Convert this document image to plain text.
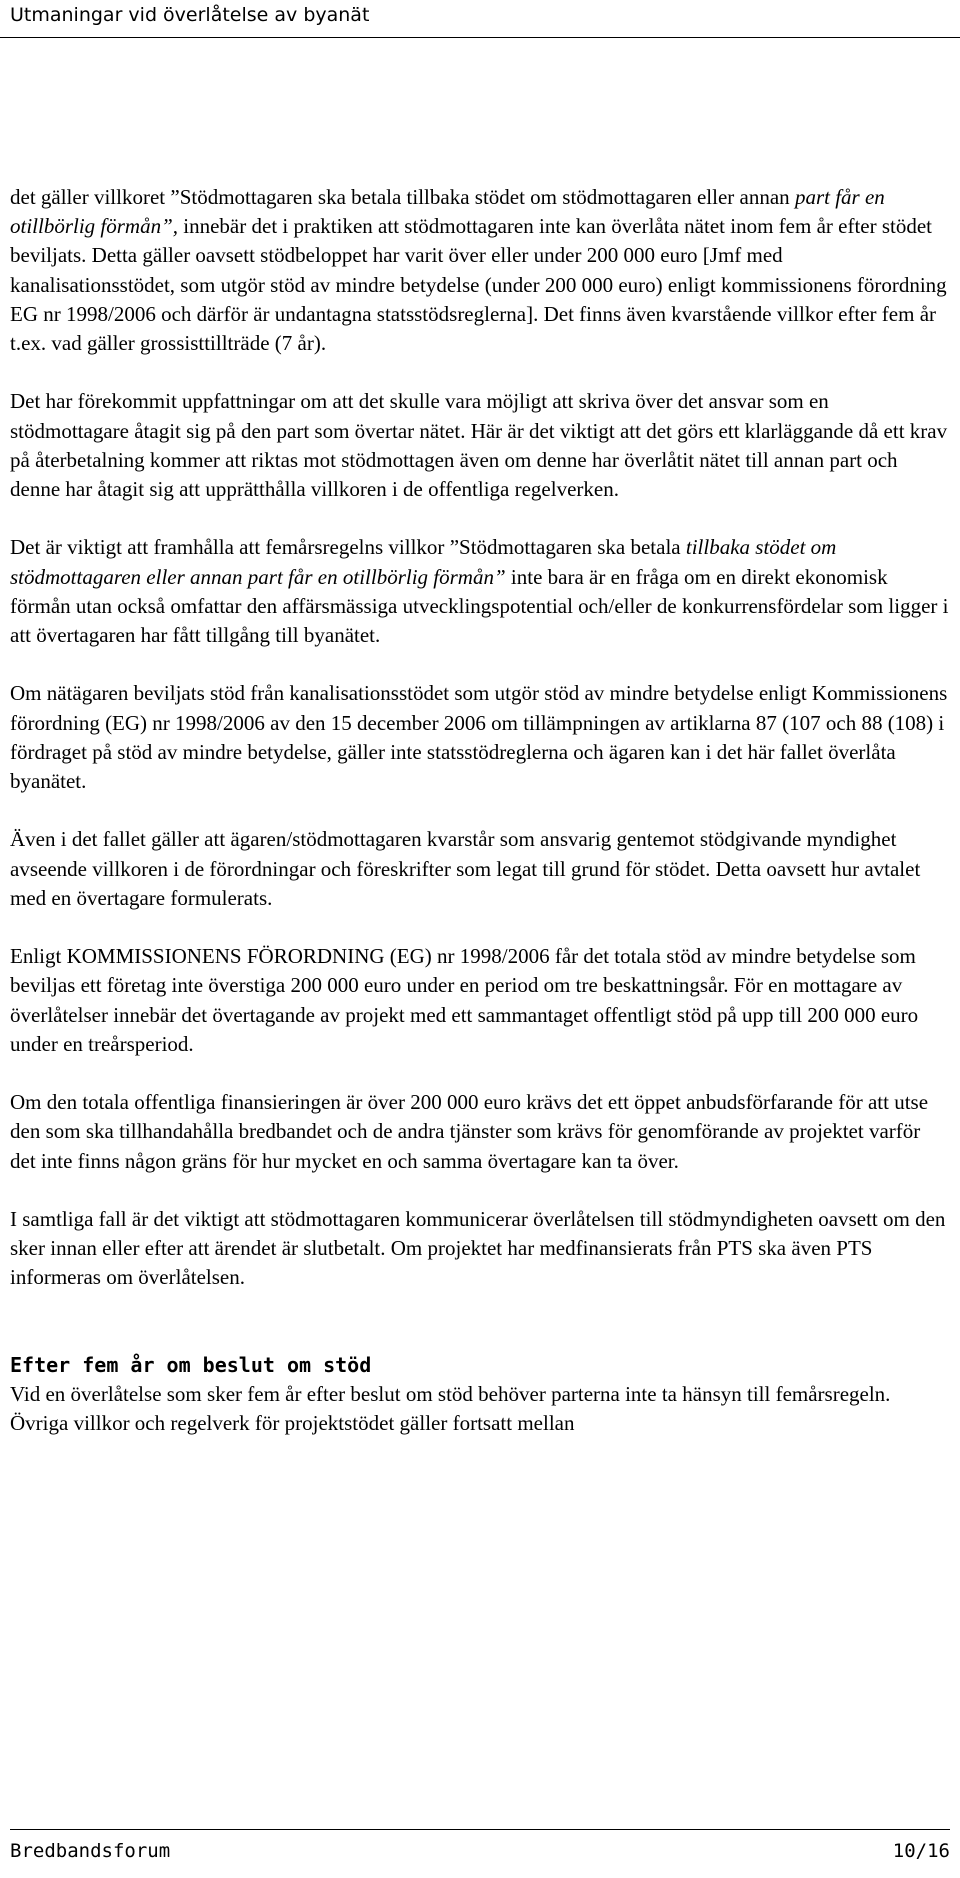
Utmaningar vid överlåtelse av byanät

det gäller villkoret ”Stödmottagaren ska betala tillbaka stödet om stödmottagaren eller annan part får en otillbörlig förmån”, innebär det i praktiken att stödmottagaren inte kan överlåta nätet inom fem år efter stödet beviljats. Detta gäller oavsett stödbeloppet har varit över eller under 200 000 euro [Jmf med kanalisationsstödet, som utgör stöd av mindre betydelse (under 200 000 euro) enligt kommissionens förordning EG nr 1998/2006 och därför är undantagna statsstödsreglerna]. Det finns även kvarstående villkor efter fem år t.ex. vad gäller grossisttillträde (7 år).

Det har förekommit uppfattningar om att det skulle vara möjligt att skriva över det ansvar som en stödmottagare åtagit sig på den part som övertar nätet. Här är det viktigt att det görs ett klarläggande då ett krav på återbetalning kommer att riktas mot stödmottagen även om denne har överlåtit nätet till annan part och denne har åtagit sig att upprätthålla villkoren i de offentliga regelverken.

Det är viktigt att framhålla att femårsregelns villkor ”Stödmottagaren ska betala tillbaka stödet om stödmottagaren eller annan part får en otillbörlig förmån” inte bara är en fråga om en direkt ekonomisk förmån utan också omfattar den affärsmässiga utvecklingspotential och/eller de konkurrensfördelar som ligger i att övertagaren har fått tillgång till byanätet.

Om nätägaren beviljats stöd från kanalisationsstödet som utgör stöd av mindre betydelse enligt Kommissionens förordning (EG) nr 1998/2006 av den 15 december 2006 om tillämpningen av artiklarna 87 (107 och 88 (108) i fördraget på stöd av mindre betydelse, gäller inte statsstödreglerna och ägaren kan i det här fallet överlåta byanätet.

Även i det fallet gäller att ägaren/stödmottagaren kvarstår som ansvarig gentemot stödgivande myndighet avseende villkoren i de förordningar och föreskrifter som legat till grund för stödet. Detta oavsett hur avtalet med en övertagare formulerats.

Enligt KOMMISSIONENS FÖRORDNING (EG) nr 1998/2006 får det totala stöd av mindre betydelse som beviljas ett företag inte överstiga 200 000 euro under en period om tre beskattningsår. För en mottagare av överlåtelser innebär det övertagande av projekt med ett sammantaget offentligt stöd på upp till 200 000 euro under en treårsperiod.

Om den totala offentliga finansieringen är över 200 000 euro krävs det ett öppet anbudsförfarande för att utse den som ska tillhandahålla bredbandet och de andra tjänster som krävs för genomförande av projektet varför det inte finns någon gräns för hur mycket en och samma övertagare kan ta över.

I samtliga fall är det viktigt att stödmottagaren kommunicerar överlåtelsen till stödmyndigheten oavsett om den sker innan eller efter att ärendet är slutbetalt. Om projektet har medfinansierats från PTS ska även PTS informeras om överlåtelsen.

Efter fem år om beslut om stöd

Vid en överlåtelse som sker fem år efter beslut om stöd behöver parterna inte ta hänsyn till femårsregeln. Övriga villkor och regelverk för projektstödet gäller fortsatt mellan

Bredbandsforum	10/16
